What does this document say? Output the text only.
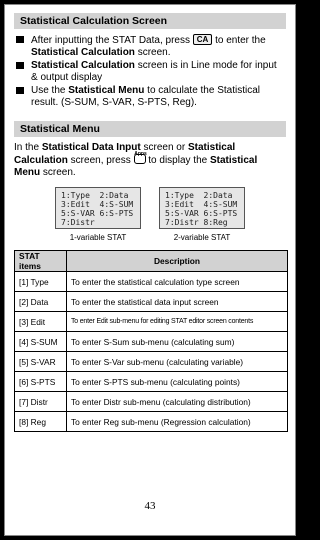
Statistical Calculation Screen
After inputting the STAT Data, press CA to enter the Statistical Calculation screen.
Statistical Calculation screen is in Line mode for input & output display
Use the Statistical Menu to calculate the Statistical result. (S-SUM, S-VAR, S-PTS, Reg).
Statistical Menu
In the Statistical Data Input screen or Statistical Calculation screen, press
Apps
to display the Statistical Menu screen.
1:Type  2:Data
3:Edit  4:S-SUM
5:S-VAR 6:S-PTS
7:Distr
1-variable STAT
1:Type  2:Data
3:Edit  4:S-SUM
5:S-VAR 6:S-PTS
7:Distr 8:Reg
2-variable STAT
STAT items	Description
[1] Type	To enter the statistical calculation type screen
[2] Data	To enter the statistical data input screen
[3] Edit	To enter Edit sub-menu for editing STAT editor screen contents
[4] S-SUM	To enter S-Sum sub-menu (calculating sum)
[5] S-VAR	To enter S-Var sub-menu (calculating variable)
[6] S-PTS	To enter S-PTS sub-menu (calculating points)
[7] Distr	To enter Distr sub-menu (calculating distribution)
[8] Reg	To enter Reg sub-menu (Regression calculation)
43
